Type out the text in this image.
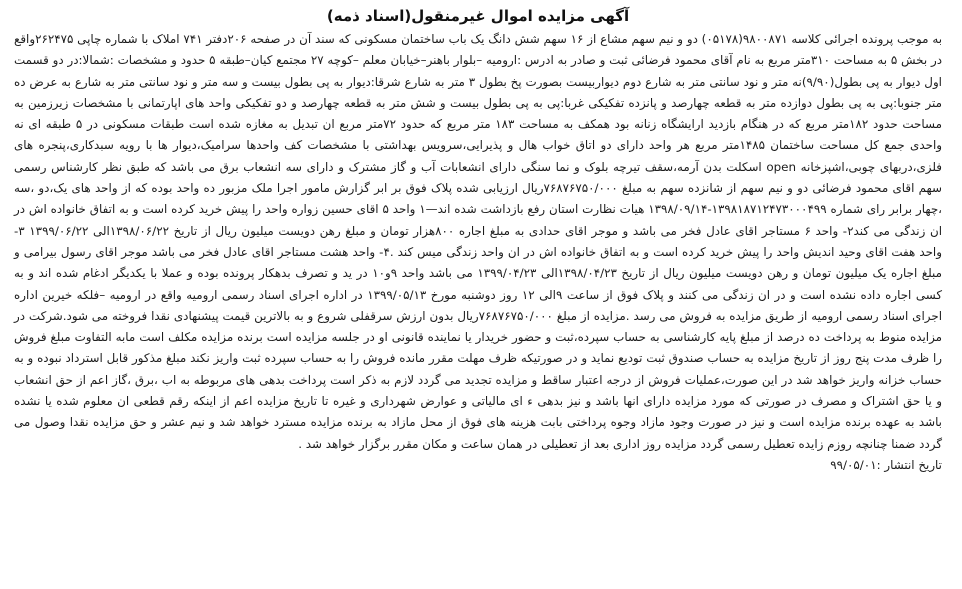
آگهی مزایده اموال غیرمنقول(اسناد ذمه)

به موجب پرونده اجرائی کلاسه ۹۸۰۰۸۷۱(۰۵۱۷۸) دو و نیم سهم مشاع از ۱۶ سهم شش دانگ یک باب ساختمان مسکونی که سند آن در صفحه ۲۰۶دفتر ۷۴۱ املاک با شماره چاپی ۲۶۲۴۷۵واقع در بخش ۵ به مساحت ۳۱۰متر مربع به نام آقای محمود فرضائی ثبت و صادر به ادرس :ارومیه –بلوار باهنر–خیابان معلم –کوچه ۲۷ مجتمع کیان–طبقه ۵ حدود و مشخصات :شمالا:در دو قسمت اول دیوار به پی بطول(۹/۹۰)نه متر و نود سانتی متر به شارع دوم دیواربیست بصورت پخ بطول ۳ متر به شارع شرقا:دیوار به پی بطول بیست و سه متر و نود سانتی متر به شارع به عرض ده متر جنوبا:پی به پی بطول دوازده متر به قطعه چهارصد و پانزده تفکیکی غربا:پی به پی بطول بیست و شش متر به قطعه چهارصد و دو تفکیکی واحد های اپارتمانی با مشخصات زیرزمین به مساحت حدود ۱۸۲متر مربع که در هنگام بازدید ارایشگاه زنانه بود همکف به مساحت ۱۸۳ متر مربع که حدود ۷۲متر مربع ان تبدیل به مغازه شده است طبقات مسکونی در ۵ طبقه ای نه واحدی جمع کل مساحت ساختمان ۱۴۸۵متر مربع هر واحد دارای دو اتاق خواب هال و پذیرایی،سرویس بهداشتی با مشخصات کف واحدها سرامیک،دیوار ها با رویه سبدکاری،پنجره های فلزی،دربهای چوبی،اشپزخانه open اسکلت بدن آرمه،سقف تیرچه بلوک و نما سنگی دارای انشعابات آب و گاز مشترک و دارای سه انشعاب برق می باشد که طبق نظر کارشناس رسمی سهم اقای محمود فرضائی دو و نیم سهم از شانزده سهم به مبلغ ۷۶۸۷۶۷۵۰/۰۰۰ریال ارزیابی شده پلاک فوق بر ابر گزارش مامور اجرا ملک مزبور ده واحد بوده که از واحد های یک،دو ،سه ،چهار برابر رای شماره ۱۳۹۸۱۸۷۱۲۴۷۳۰۰۰۴۹۹-۱۳۹۸/۰۹/۱۴ هیات نظارت استان رفع بازداشت شده اند—۱ واحد ۵ اقای حسین زواره واحد را پیش خرید کرده است و به اتفاق خانواده اش در ان زندگی می کند۲- واحد ۶ مستاجر اقای عادل فخر می باشد و موجر اقای حدادی به مبلغ اجاره ۸۰۰هزار تومان و مبلغ رهن دویست میلیون ریال از تاریخ ۱۳۹۸/۰۶/۲۲الی ۱۳۹۹/۰۶/۲۲ ۳- واحد هفت اقای وحید اندیش واحد را پیش خرید کرده است و به اتفاق خانواده اش در ان واحد زندگی میس کند .۴- واحد هشت مستاجر اقای عادل فخر می باشد موجر اقای رسول بیرامی و مبلغ اجاره یک میلیون تومان و رهن دویست میلیون ریال از تاریخ ۱۳۹۸/۰۴/۲۳الی ۱۳۹۹/۰۴/۲۳ می باشد واحد ۹و۱۰ در ید و تصرف بدهکار پرونده بوده و عملا با یکدیگر ادغام شده اند و به کسی اجاره داده نشده است و در ان زندگی می کنند و پلاک فوق از ساعت ۹الی ۱۲ روز دوشنبه مورخ ۱۳۹۹/۰۵/۱۳ در اداره اجرای اسناد رسمی ارومیه واقع در ارومیه –فلکه خیرین اداره اجرای اسناد رسمی ارومیه از طریق مزایده به فروش می رسد .مزایده از مبلغ ۷۶۸۷۶۷۵۰/۰۰۰ریال بدون ارزش سرقفلی شروع و به بالاترین قیمت پیشنهادی نقدا فروخته می شود.شرکت در مزایده منوط به پرداخت ده درصد از مبلغ پایه کارشناسی به حساب سپرده،ثبت و حضور خریدار یا نماینده قانونی او در جلسه مزایده است برنده مزایده مکلف است مابه التفاوت مبلغ فروش را ظرف مدت پنج روز از تاریخ مزایده به حساب صندوق ثبت تودیع نماید و در صورتیکه ظرف مهلت مقرر مانده فروش را به حساب سپرده ثبت واریز نکند مبلغ مذکور قابل استرداد نبوده و به حساب خزانه واریز خواهد شد در این صورت،عملیات فروش از درجه اعتبار ساقط و مزایده تجدید می گردد لازم به ذکر است پرداخت بدهی های مربوطه به اب ،برق ،گاز اعم از حق انشعاب و یا حق اشتراک و مصرف در صورتی که مورد مزایده دارای انها باشد و نیز بدهی ء ای مالیاتی و عوارض شهرداری و غیره تا تاریخ مزایده اعم از اینکه رقم قطعی ان معلوم شده یا نشده باشد به عهده برنده مزایده است و نیز در صورت وجود مازاد وجوه پرداختی بابت هزینه های فوق از محل مازاد به برنده مزایده مسترد خواهد شد و نیم عشر و حق مزایده نقدا وصول می گردد ضمنا چنانچه روزم زایده تعطیل رسمی گردد مزایده روز اداری بعد از تعطیلی در همان ساعت و مکان مقرر برگزار خواهد شد .

تاریخ انتشار :۹۹/۰۵/۰۱
